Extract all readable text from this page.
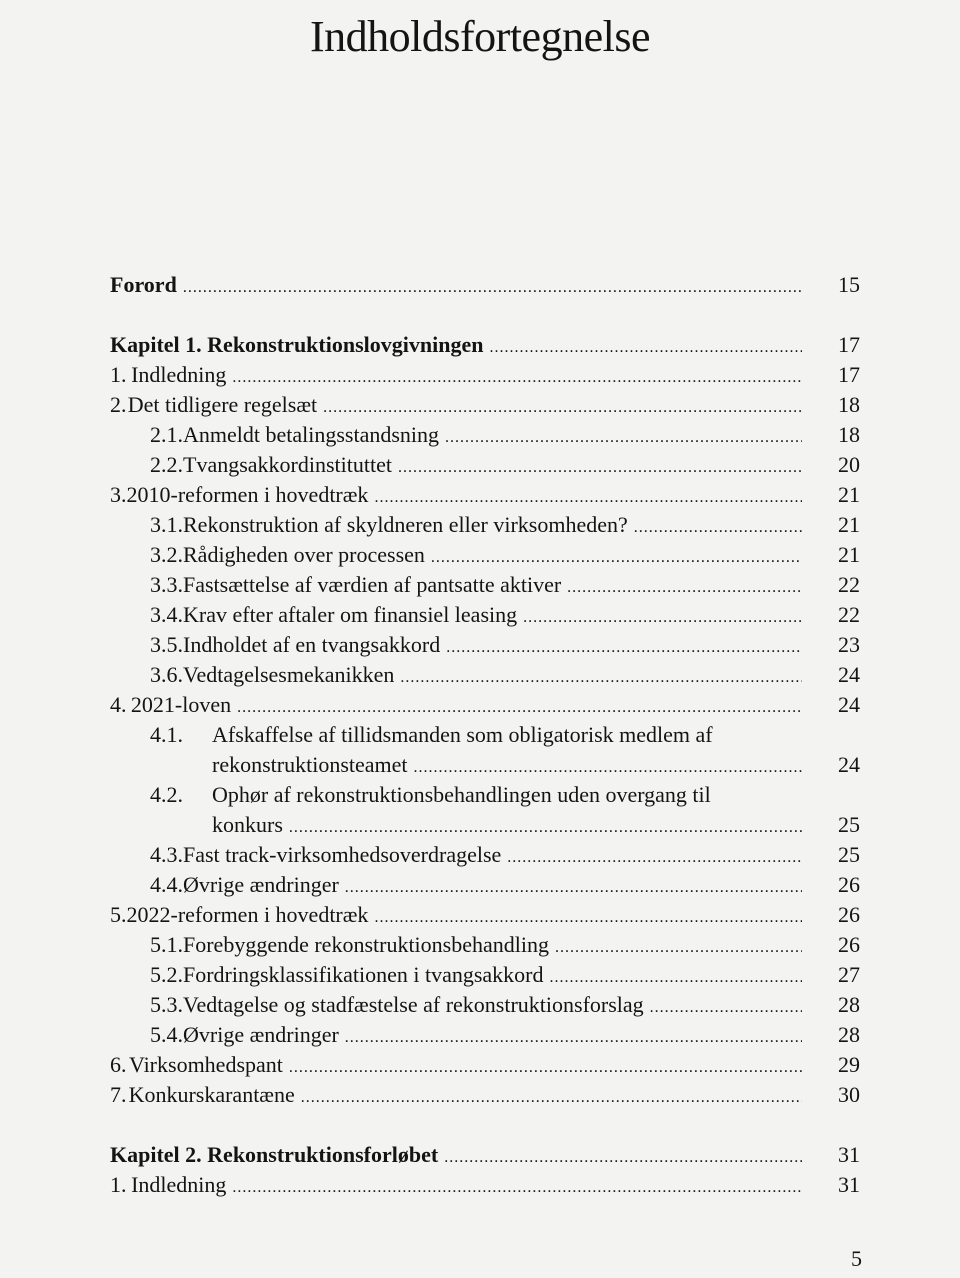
Indholdsfortegnelse
Forord .....	15
Kapitel 1. Rekonstruktionslovgivningen .....	17
1. Indledning .....	17
2. Det tidligere regelsæt .....	18
2.1. Anmeldt betalingsstandsning .....	18
2.2. Tvangsakkordinstituttet .....	20
3. 2010-reformen i hovedtræk .....	21
3.1. Rekonstruktion af skyldneren eller virksomheden? .....	21
3.2. Rådigheden over processen .....	21
3.3. Fastsættelse af værdien af pantsatte aktiver .....	22
3.4. Krav efter aftaler om finansiel leasing .....	22
3.5. Indholdet af en tvangsakkord .....	23
3.6. Vedtagelsesmekanikken .....	24
4. 2021-loven .....	24
4.1.	Afskaffelse af tillidsmanden som obligatorisk medlem af
rekonstruktionsteamet .....	24
4.2.	Ophør af rekonstruktionsbehandlingen uden overgang til
konkurs .....	25
4.3. Fast track-virksomhedsoverdragelse .....	25
4.4. Øvrige ændringer .....	26
5. 2022-reformen i hovedtræk .....	26
5.1. Forebyggende rekonstruktionsbehandling .....	26
5.2. Fordringsklassifikationen i tvangsakkord .....	27
5.3. Vedtagelse og stadfæstelse af rekonstruktionsforslag .....	28
5.4. Øvrige ændringer .....	28
6. Virksomhedspant .....	29
7. Konkurskarantæne .....	30
Kapitel 2. Rekonstruktionsforløbet .....	31
1. Indledning .....	31
5
